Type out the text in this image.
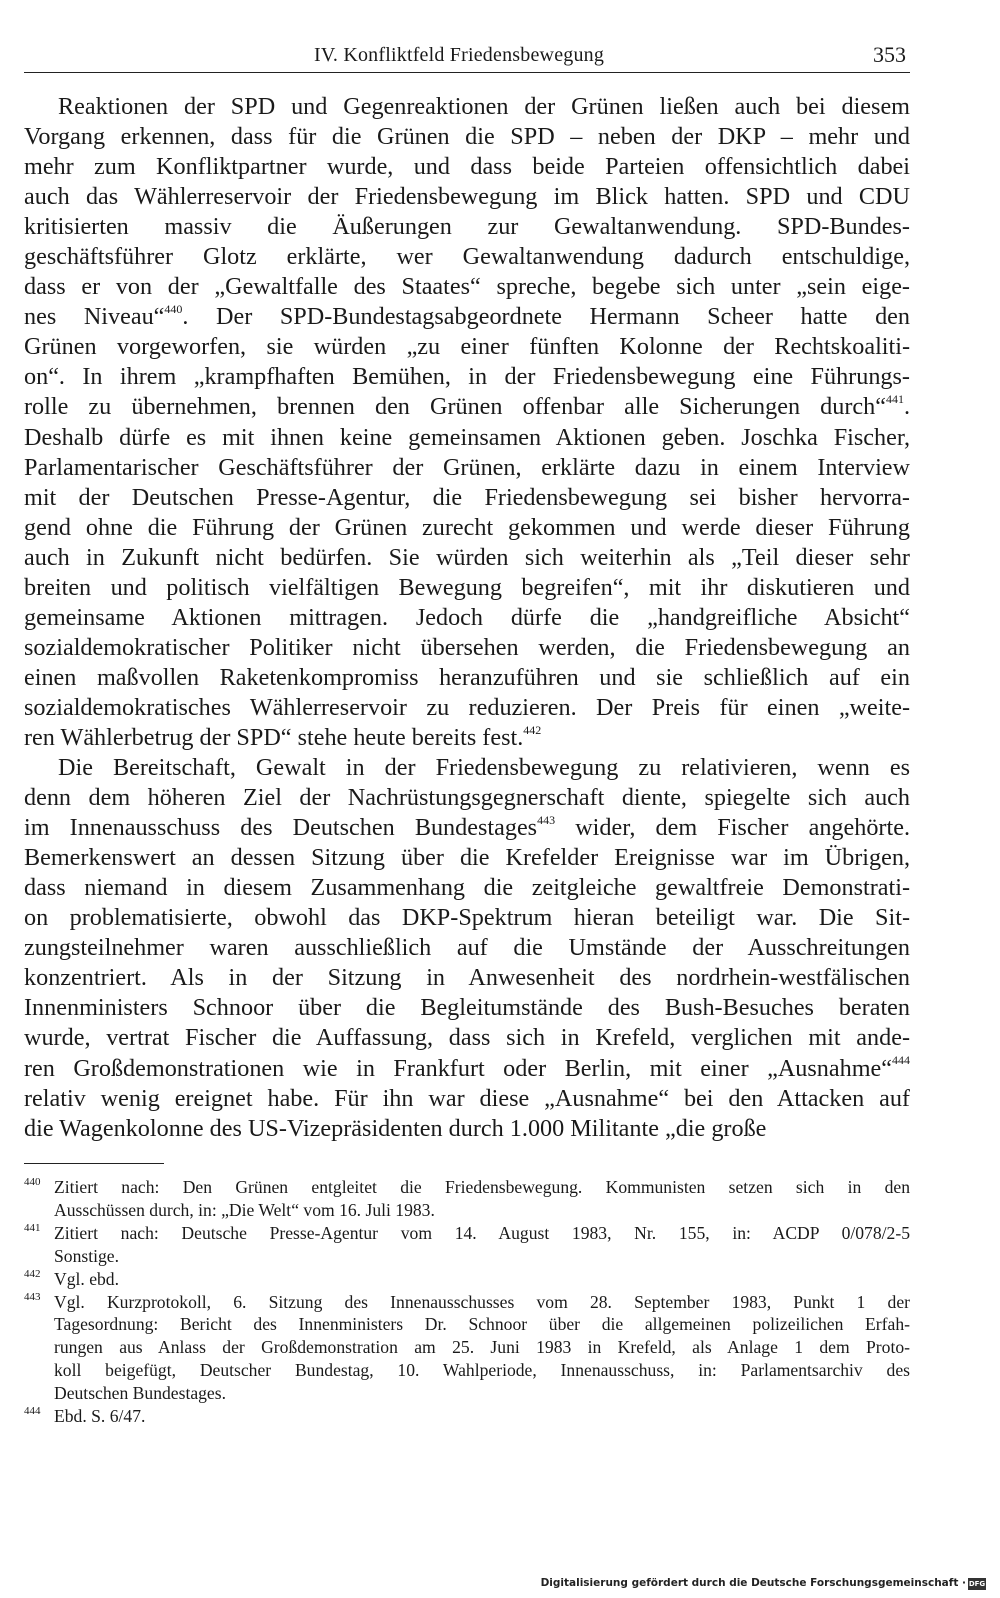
IV. Konfliktfeld Friedensbewegung	353
Reaktionen der SPD und Gegenreaktionen der Grünen ließen auch bei diesem
Vorgang erkennen, dass für die Grünen die SPD – neben der DKP – mehr und
mehr zum Konfliktpartner wurde, und dass beide Parteien offensichtlich dabei
auch das Wählerreservoir der Friedensbewegung im Blick hatten. SPD und CDU
kritisierten massiv die Äußerungen zur Gewaltanwendung. SPD-Bundes-
geschäftsführer Glotz erklärte, wer Gewaltanwendung dadurch entschuldige,
dass er von der „Gewaltfalle des Staates“ spreche, begebe sich unter „sein eige-
nes Niveau“$^{440}$. Der SPD-Bundestagsabgeordnete Hermann Scheer hatte den
Grünen vorgeworfen, sie würden „zu einer fünften Kolonne der Rechtskoaliti-
on“. In ihrem „krampfhaften Bemühen, in der Friedensbewegung eine Führungs-
rolle zu übernehmen, brennen den Grünen offenbar alle Sicherungen durch“$^{441}$.
Deshalb dürfe es mit ihnen keine gemeinsamen Aktionen geben. Joschka Fischer,
Parlamentarischer Geschäftsführer der Grünen, erklärte dazu in einem Interview
mit der Deutschen Presse-Agentur, die Friedensbewegung sei bisher hervorra-
gend ohne die Führung der Grünen zurecht gekommen und werde dieser Führung
auch in Zukunft nicht bedürfen. Sie würden sich weiterhin als „Teil dieser sehr
breiten und politisch vielfältigen Bewegung begreifen“, mit ihr diskutieren und
gemeinsame Aktionen mittragen. Jedoch dürfe die „handgreifliche Absicht“
sozialdemokratischer Politiker nicht übersehen werden, die Friedensbewegung an
einen maßvollen Raketenkompromiss heranzuführen und sie schließlich auf ein
sozialdemokratisches Wählerreservoir zu reduzieren. Der Preis für einen „weite-
ren Wählerbetrug der SPD“ stehe heute bereits fest.$^{442}$
Die Bereitschaft, Gewalt in der Friedensbewegung zu relativieren, wenn es
denn dem höheren Ziel der Nachrüstungsgegnerschaft diente, spiegelte sich auch
im Innenausschuss des Deutschen Bundestages$^{443}$ wider, dem Fischer angehörte.
Bemerkenswert an dessen Sitzung über die Krefelder Ereignisse war im Übrigen,
dass niemand in diesem Zusammenhang die zeitgleiche gewaltfreie Demonstrati-
on problematisierte, obwohl das DKP-Spektrum hieran beteiligt war. Die Sit-
zungsteilnehmer waren ausschließlich auf die Umstände der Ausschreitungen
konzentriert. Als in der Sitzung in Anwesenheit des nordrhein-westfälischen
Innenministers Schnoor über die Begleitumstände des Bush-Besuches beraten
wurde, vertrat Fischer die Auffassung, dass sich in Krefeld, verglichen mit ande-
ren Großdemonstrationen wie in Frankfurt oder Berlin, mit einer „Ausnahme“$^{444}$
relativ wenig ereignet habe. Für ihn war diese „Ausnahme“ bei den Attacken auf
die Wagenkolonne des US-Vizepräsidenten durch 1.000 Militante „die große
440 Zitiert nach: Den Grünen entgleitet die Friedensbewegung. Kommunisten setzen sich in den
Ausschüssen durch, in: „Die Welt“ vom 16. Juli 1983.
441 Zitiert nach: Deutsche Presse-Agentur vom 14. August 1983, Nr. 155, in: ACDP 0/078/2-5
Sonstige.
442 Vgl. ebd.
443 Vgl. Kurzprotokoll, 6. Sitzung des Innenausschusses vom 28. September 1983, Punkt 1 der
Tagesordnung: Bericht des Innenministers Dr. Schnoor über die allgemeinen polizeilichen Erfah-
rungen aus Anlass der Großdemonstration am 25. Juni 1983 in Krefeld, als Anlage 1 dem Proto-
koll beigefügt, Deutscher Bundestag, 10. Wahlperiode, Innenausschuss, in: Parlamentsarchiv des
Deutschen Bundestages.
444 Ebd. S. 6/47.
Digitalisierung gefördert durch die Deutsche Forschungsgemeinschaft · DFG
